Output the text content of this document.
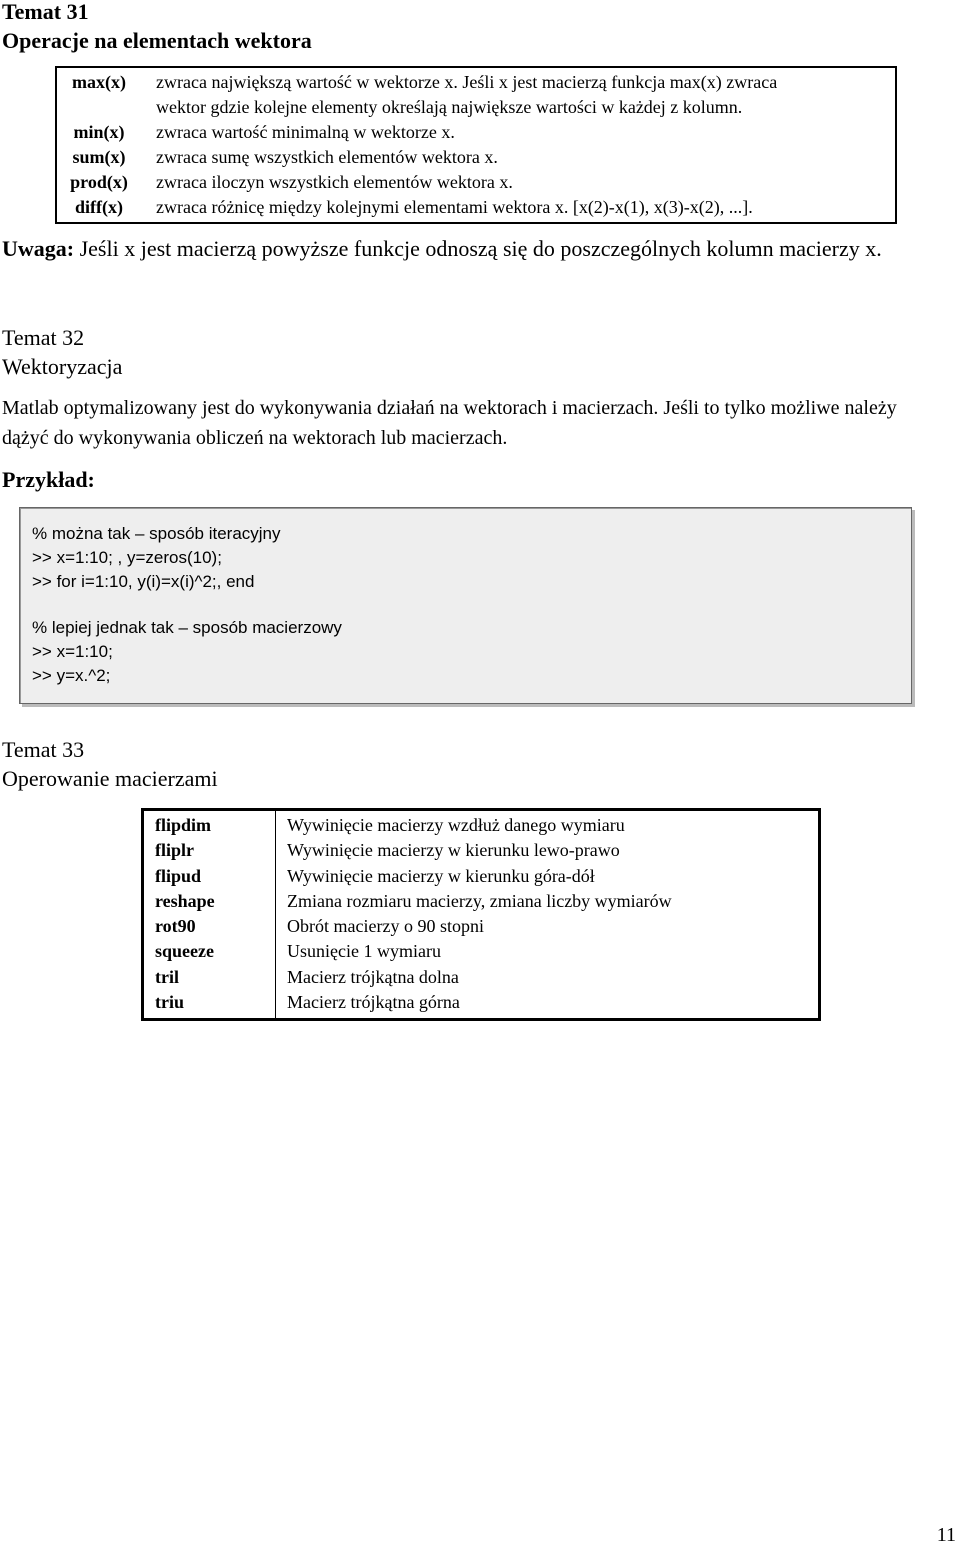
Temat 31

Operacje na elementach wektora

max(x)	zwraca największą wartość w wektorze x. Jeśli x jest macierzą funkcja max(x) zwraca
	wektor gdzie kolejne elementy określają największe wartości w każdej z kolumn.
min(x)	zwraca wartość minimalną w wektorze x.
sum(x)	zwraca sumę wszystkich elementów wektora x.
prod(x)	zwraca iloczyn wszystkich elementów wektora x.
diff(x)	zwraca różnicę między kolejnymi elementami wektora x. [x(2)-x(1), x(3)-x(2), ...].
Uwaga: Jeśli x jest macierzą powyższe funkcje odnoszą się do poszczególnych kolumn macierzy x.

Temat 32

Wektoryzacja

Matlab optymalizowany jest do wykonywania działań na wektorach i macierzach. Jeśli to tylko możliwe należy dążyć do wykonywania obliczeń na wektorach lub macierzach.
Przykład:
% można tak – sposób iteracyjny
>> x=1:10; , y=zeros(10);
>> for i=1:10, y(i)=x(i)^2;, end
% lepiej jednak tak – sposób macierzowy
>> x=1:10;
>> y=x.^2;

Temat 33

Operowanie macierzami

flipdim	Wywinięcie macierzy wzdłuż danego wymiaru
fliplr	Wywinięcie macierzy w kierunku lewo-prawo
flipud	Wywinięcie macierzy w kierunku góra-dół
reshape	Zmiana rozmiaru macierzy, zmiana liczby wymiarów
rot90	Obrót macierzy o 90 stopni
squeeze	Usunięcie 1 wymiaru
tril	Macierz trójkątna dolna
triu	Macierz trójkątna górna
11
